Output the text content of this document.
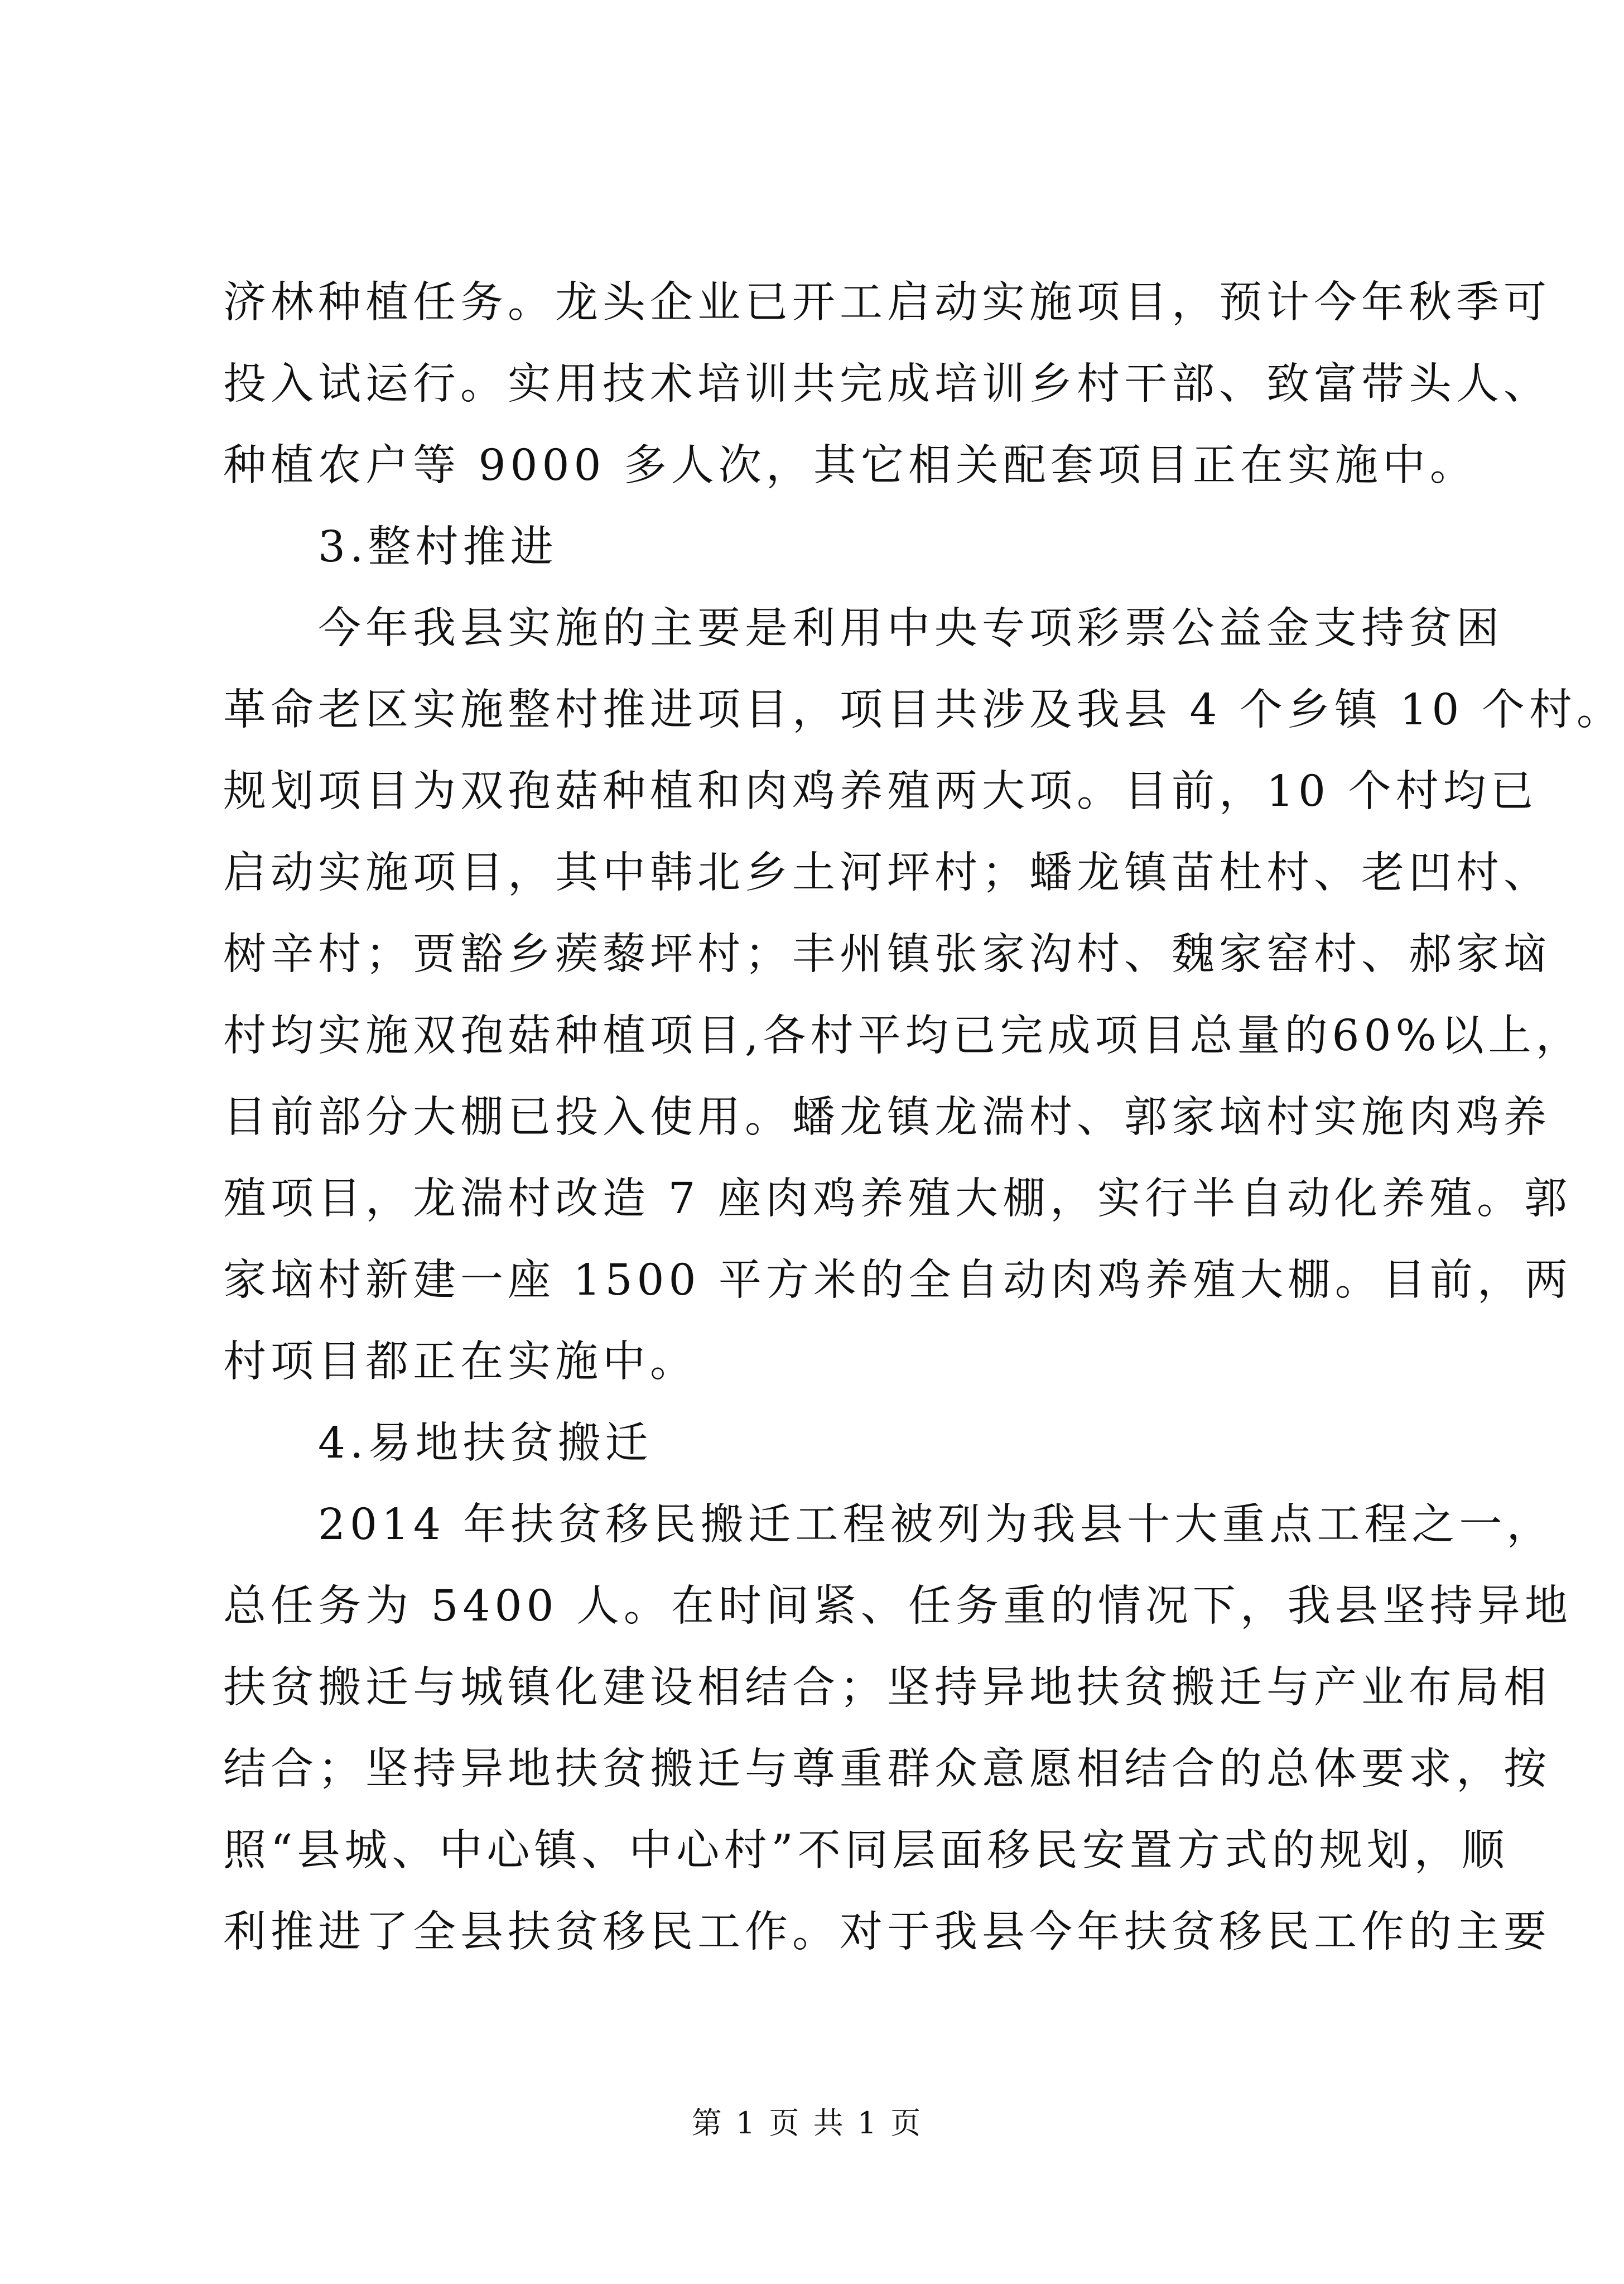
济林种植任务。龙头企业已开工启动实施项目，预计今年秋季可
投入试运行。实用技术培训共完成培训乡村干部、致富带头人、
种植农户等 9000 多人次，其它相关配套项目正在实施中。
　　3.整村推进
　　今年我县实施的主要是利用中央专项彩票公益金支持贫困
革命老区实施整村推进项目，项目共涉及我县 4 个乡镇 10 个村。
规划项目为双孢菇种植和肉鸡养殖两大项。目前，10 个村均已
启动实施项目，其中韩北乡土河坪村；蟠龙镇苗杜村、老凹村、
树辛村；贾豁乡蒺藜坪村；丰州镇张家沟村、魏家窑村、郝家垴
村均实施双孢菇种植项目,各村平均已完成项目总量的60%以上，
目前部分大棚已投入使用。蟠龙镇龙湍村、郭家垴村实施肉鸡养
殖项目，龙湍村改造 7 座肉鸡养殖大棚，实行半自动化养殖。郭
家垴村新建一座 1500 平方米的全自动肉鸡养殖大棚。目前，两
村项目都正在实施中。
　　4.易地扶贫搬迁
　　2014 年扶贫移民搬迁工程被列为我县十大重点工程之一，
总任务为 5400 人。在时间紧、任务重的情况下，我县坚持异地
扶贫搬迁与城镇化建设相结合；坚持异地扶贫搬迁与产业布局相
结合；坚持异地扶贫搬迁与尊重群众意愿相结合的总体要求，按
照“县城、中心镇、中心村”不同层面移民安置方式的规划，顺
利推进了全县扶贫移民工作。对于我县今年扶贫移民工作的主要
第 1 页 共 1 页
